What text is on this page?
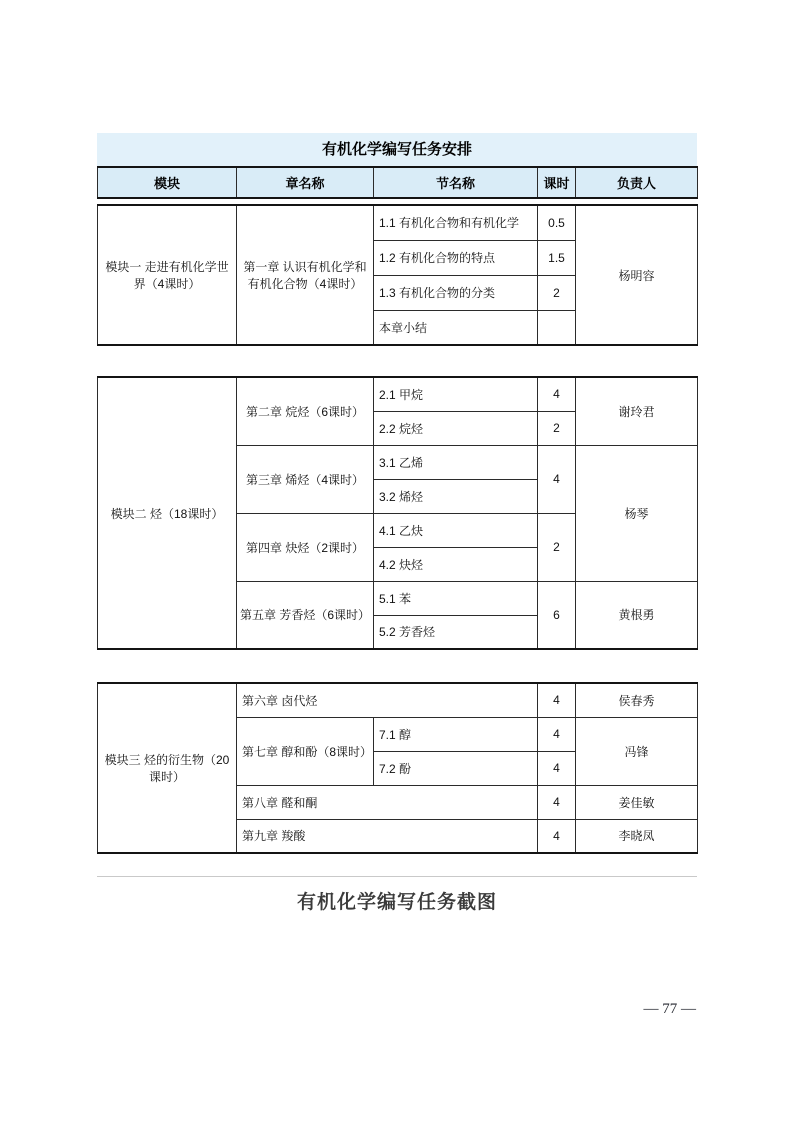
有机化学编写任务安排
模块	章名称	节名称	课时	负责人
模块一 走进有机化学世界（4课时）	第一章 认识有机化学和有机化合物（4课时）	1.1 有机化合物和有机化学	0.5	杨明容
		1.2 有机化合物的特点	1.5	
		1.3 有机化合物的分类	2	
		本章小结		
模块二 烃（18课时）	第二章 烷烃（6课时）	2.1 甲烷	4	谢玲君
		2.2 烷烃	2	
	第三章 烯烃（4课时）	3.1 乙烯	4	杨琴
		3.2 烯烃		
	第四章 炔烃（2课时）	4.1 乙炔	2	
		4.2 炔烃		
	第五章 芳香烃（6课时）	5.1 苯	6	黄根勇
		5.2 芳香烃		
模块三 烃的衍生物（20课时）	第六章 卤代烃		4	侯春秀
	第七章 醇和酚（8课时）	7.1 醇	4	冯锋
		7.2 酚	4	
	第八章 醛和酮		4	姜佳敏
	第九章 羧酸		4	李晓凤
有机化学编写任务截图
— 77 —
